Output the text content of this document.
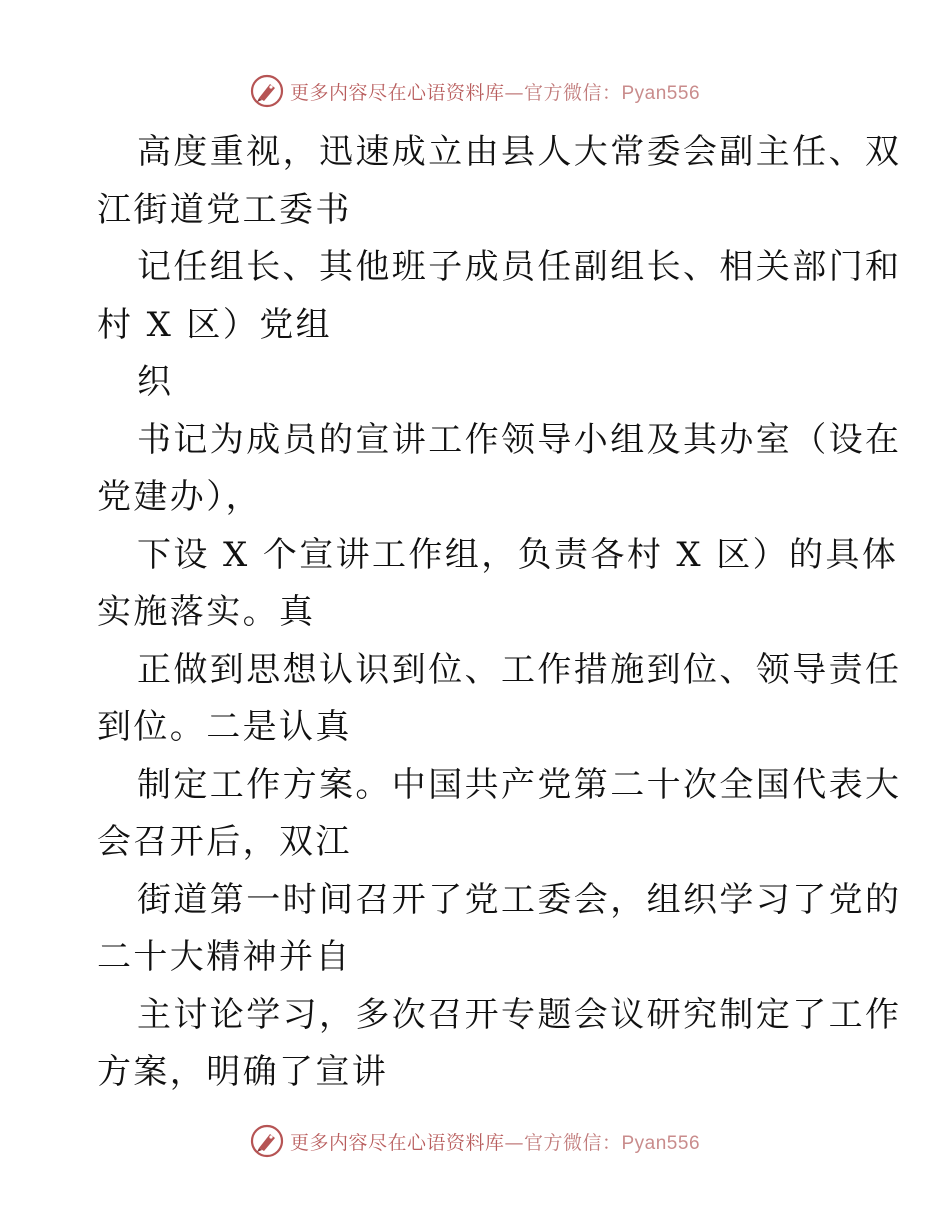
更多内容尽在心语资料库—官方微信：Pyan556
高度重视，迅速成立由县人大常委会副主任、双
江街道党工委书
记任组长、其他班子成员任副组长、相关部门和
村 X 区）党组
织
书记为成员的宣讲工作领导小组及其办室（设在
党建办），
下设 X 个宣讲工作组，负责各村 X 区）的具体
实施落实。真
正做到思想认识到位、工作措施到位、领导责任
到位。二是认真
制定工作方案。中国共产党第二十次全国代表大
会召开后，双江
街道第一时间召开了党工委会，组织学习了党的
二十大精神并自
主讨论学习，多次召开专题会议研究制定了工作
方案，明确了宣讲
更多内容尽在心语资料库—官方微信：Pyan556
